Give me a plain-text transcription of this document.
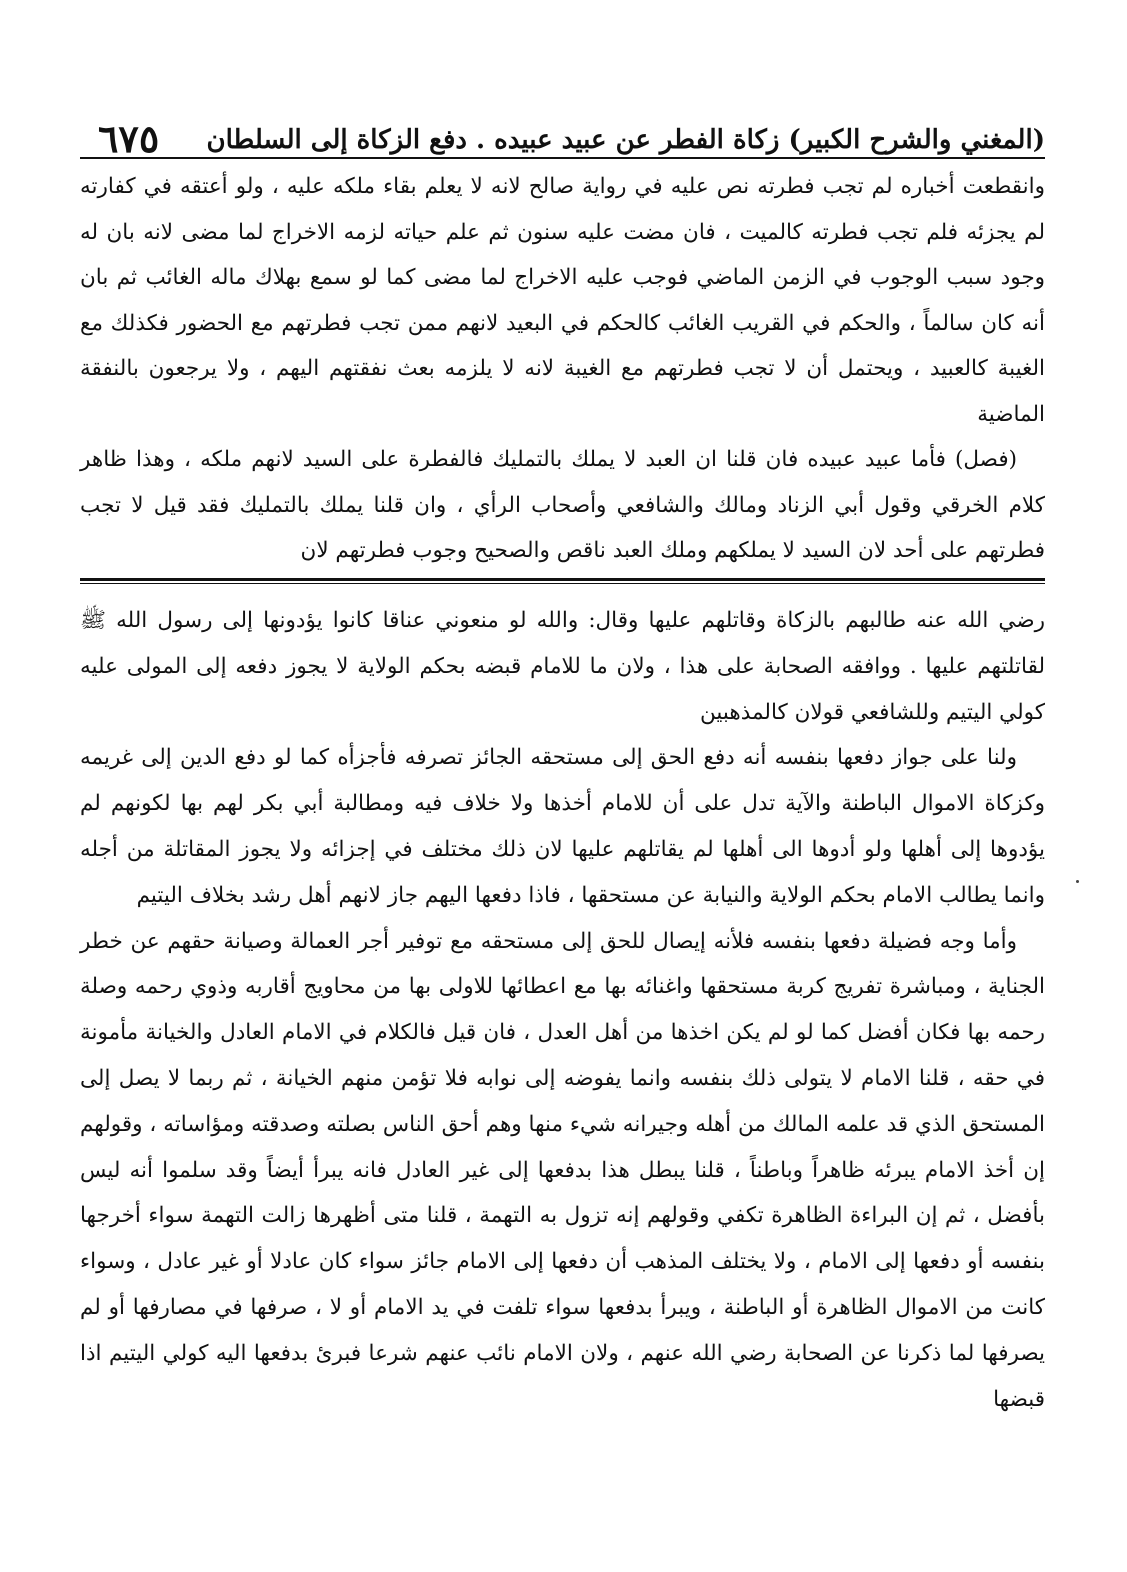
(المغني والشرح الكبير) زكاة الفطر عن عبيد عبيده . دفع الزكاة إلى السلطان
٦٧٥

وانقطعت أخباره لم تجب فطرته نص عليه في رواية صالح لانه لا يعلم بقاء ملكه عليه ، ولو أعتقه في كفارته لم يجزئه فلم تجب فطرته كالميت ، فان مضت عليه سنون ثم علم حياته لزمه الاخراج لما مضى لانه بان له وجود سبب الوجوب في الزمن الماضي فوجب عليه الاخراج لما مضى كما لو سمع بهلاك ماله الغائب ثم بان أنه كان سالماً ، والحكم في القريب الغائب كالحكم في البعيد لانهم ممن تجب فطرتهم مع الحضور فكذلك مع الغيبة كالعبيد ، ويحتمل أن لا تجب فطرتهم مع الغيبة لانه لا يلزمه بعث نفقتهم اليهم ، ولا يرجعون بالنفقة الماضية

(فصل) فأما عبيد عبيده فان قلنا ان العبد لا يملك بالتمليك فالفطرة على السيد لانهم ملكه ، وهذا ظاهر كلام الخرقي وقول أبي الزناد ومالك والشافعي وأصحاب الرأي ، وان قلنا يملك بالتمليك فقد قيل لا تجب فطرتهم على أحد لان السيد لا يملكهم وملك العبد ناقص والصحيح وجوب فطرتهم لان

رضي الله عنه طالبهم بالزكاة وقاتلهم عليها وقال: والله لو منعوني عناقا كانوا يؤدونها إلى رسول الله ﷺ لقاتلتهم عليها . ووافقه الصحابة على هذا ، ولان ما للامام قبضه بحكم الولاية لا يجوز دفعه إلى المولى عليه كولي اليتيم وللشافعي قولان كالمذهبين

ولنا على جواز دفعها بنفسه أنه دفع الحق إلى مستحقه الجائز تصرفه فأجزأه كما لو دفع الدين إلى غريمه وكزكاة الاموال الباطنة والآية تدل على أن للامام أخذها ولا خلاف فيه ومطالبة أبي بكر لهم بها لكونهم لم يؤدوها إلى أهلها ولو أدوها الى أهلها لم يقاتلهم عليها لان ذلك مختلف في إجزائه ولا يجوز المقاتلة من أجله وانما يطالب الامام بحكم الولاية والنيابة عن مستحقها ، فاذا دفعها اليهم جاز لانهم أهل رشد بخلاف اليتيم

وأما وجه فضيلة دفعها بنفسه فلأنه إيصال للحق إلى مستحقه مع توفير أجر العمالة وصيانة حقهم عن خطر الجناية ، ومباشرة تفريج كربة مستحقها واغنائه بها مع اعطائها للاولى بها من محاويج أقاربه وذوي رحمه وصلة رحمه بها فكان أفضل كما لو لم يكن اخذها من أهل العدل ، فان قيل فالكلام في الامام العادل والخيانة مأمونة في حقه ، قلنا الامام لا يتولى ذلك بنفسه وانما يفوضه إلى نوابه فلا تؤمن منهم الخيانة ، ثم ربما لا يصل إلى المستحق الذي قد علمه المالك من أهله وجيرانه شيء منها وهم أحق الناس بصلته وصدقته ومؤاساته ، وقولهم إن أخذ الامام يبرئه ظاهراً وباطناً ، قلنا يبطل هذا بدفعها إلى غير العادل فانه يبرأ أيضاً وقد سلموا أنه ليس بأفضل ، ثم إن البراءة الظاهرة تكفي وقولهم إنه تزول به التهمة ، قلنا متى أظهرها زالت التهمة سواء أخرجها بنفسه أو دفعها إلى الامام ، ولا يختلف المذهب أن دفعها إلى الامام جائز سواء كان عادلا أو غير عادل ، وسواء كانت من الاموال الظاهرة أو الباطنة ، ويبرأ بدفعها سواء تلفت في يد الامام أو لا ، صرفها في مصارفها أو لم يصرفها لما ذكرنا عن الصحابة رضي الله عنهم ، ولان الامام نائب عنهم شرعا فبرئ بدفعها اليه كولي اليتيم اذا قبضها
